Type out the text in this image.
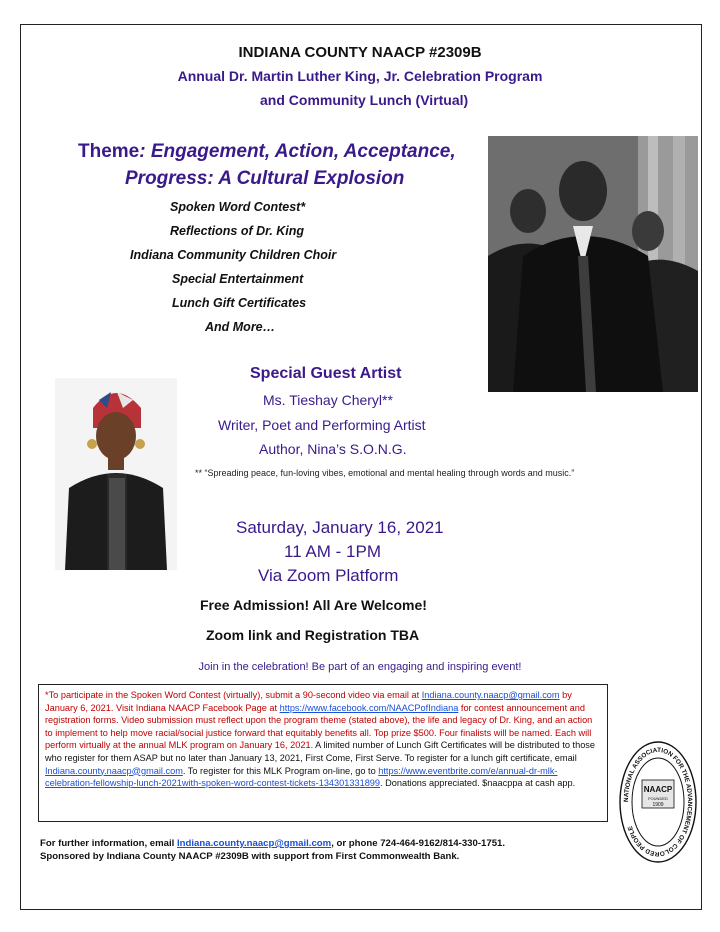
INDIANA COUNTY NAACP #2309B
Annual Dr. Martin Luther King, Jr. Celebration Program
and Community Lunch (Virtual)
Theme: Engagement, Action, Acceptance,
Progress: A Cultural Explosion
Spoken Word Contest*
Reflections of Dr. King
Indiana Community Children Choir
Special Entertainment
Lunch Gift Certificates
And More…
Special Guest Artist
Ms. Tieshay Cheryl**
Writer, Poet and Performing Artist
Author, Nina’s S.O.N.G.
** “Spreading peace, fun-loving vibes, emotional and mental healing through words and music.”
Saturday, January 16, 2021
11 AM - 1PM
Via Zoom Platform
Free Admission! All Are Welcome!
Zoom link and Registration TBA
Join in the celebration! Be part of an engaging and inspiring event!
*To participate in the Spoken Word Contest (virtually), submit a 90-second video via email at Indiana.county.naacp@gmail.com by January 6, 2021. Visit Indiana NAACP Facebook Page at https://www.facebook.com/NAACPofIndiana for contest announcement and registration forms. Video submission must reflect upon the program theme (stated above), the life and legacy of Dr. King, and an action to implement to help move racial/social justice forward that equitably benefits all. Top prize $500. Four finalists will be named. Each will perform virtually at the annual MLK program on January 16, 2021. A limited number of Lunch Gift Certificates will be distributed to those who register for them ASAP but no later than January 13, 2021, First Come, First Serve. To register for a lunch gift certificate, email Indiana.county.naacp@gmail.com. To register for this MLK Program on-line, go to https://www.eventbrite.com/e/annual-dr-mlk-celebration-fellowship-lunch-2021with-spoken-word-contest-tickets-134301331899. Donations appreciated. $naacppa at cash app.
NATIONAL ASSOCIATION FOR THE ADVANCEMENT OF COLORED PEOPLE
NAACP
FOUNDED
1909
For further information, email Indiana.county.naacp@gmail.com, or phone 724-464-9162/814-330-1751.
Sponsored by Indiana County NAACP #2309B with support from First Commonwealth Bank.
